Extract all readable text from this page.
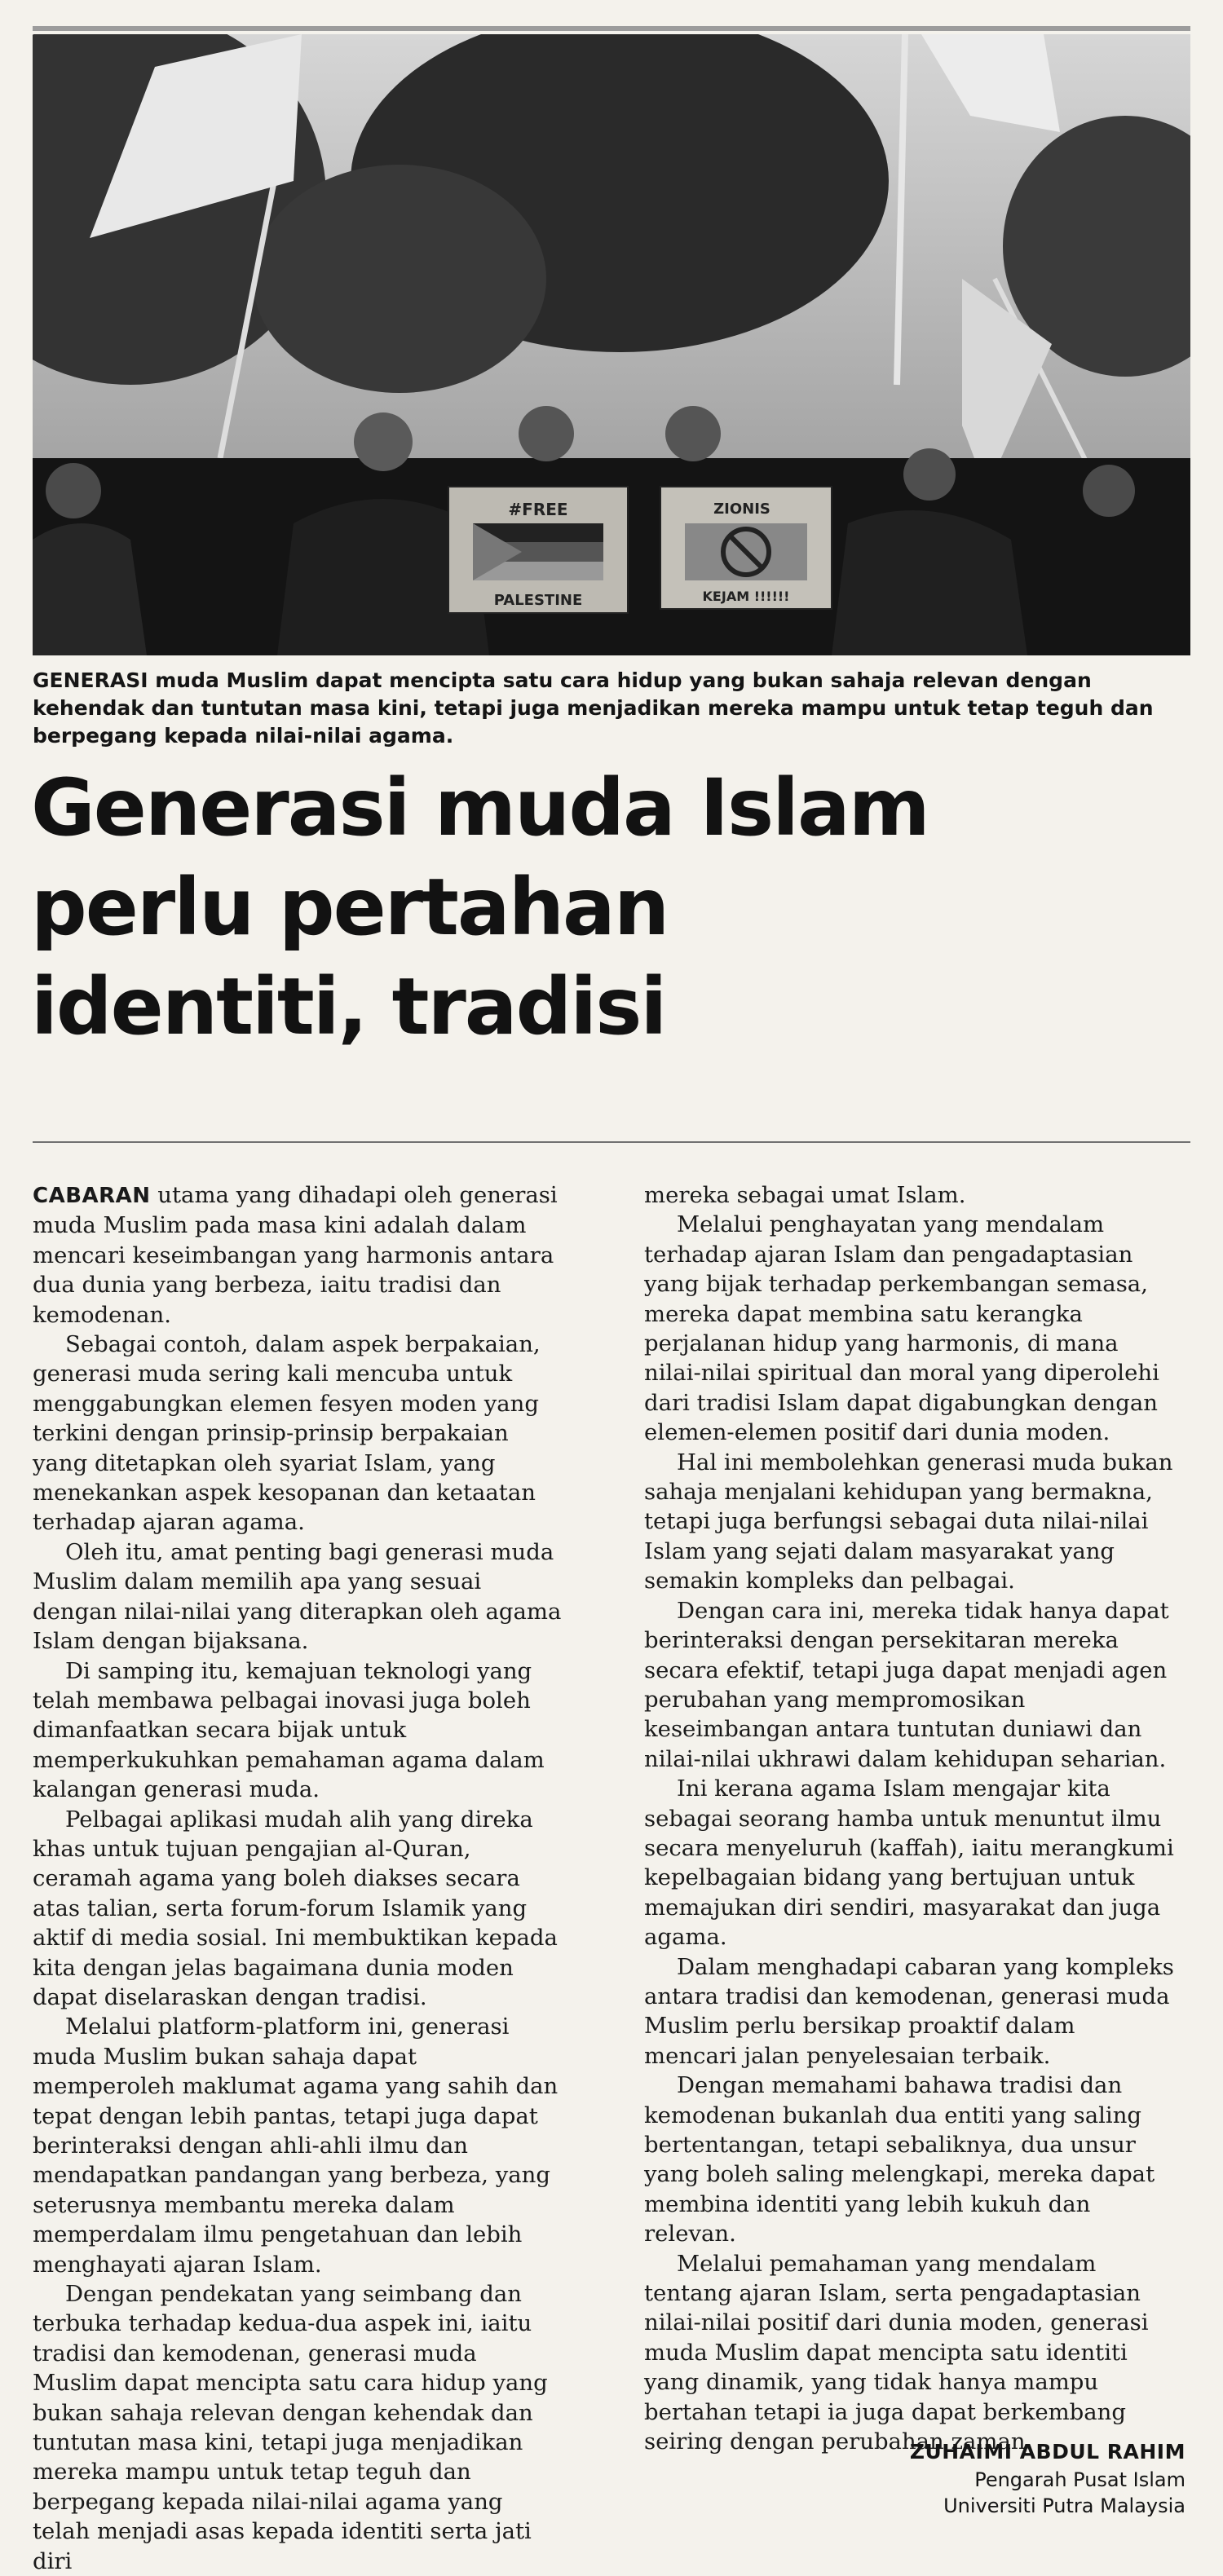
#FREE
PALESTINE
ZIONIS
KEJAM !!!!!!
GENERASI muda Muslim dapat mencipta satu cara hidup yang bukan sahaja relevan dengan kehendak dan tuntutan masa kini, tetapi juga menjadikan mereka mampu untuk tetap teguh dan berpegang kepada nilai-nilai agama.
Generasi muda Islam
perlu pertahan
identiti, tradisi

CABARAN utama yang dihadapi oleh generasi muda Muslim pada masa kini adalah dalam mencari keseimbangan yang harmonis antara dua dunia yang berbeza, iaitu tradisi dan kemodenan.

Sebagai contoh, dalam aspek berpakaian, generasi muda sering kali mencuba untuk menggabungkan elemen fesyen moden yang terkini dengan prinsip-prinsip berpakaian yang ditetapkan oleh syariat Islam, yang menekankan aspek kesopanan dan ketaatan terhadap ajaran agama.

Oleh itu, amat penting bagi generasi muda Muslim dalam memilih apa yang sesuai dengan nilai-nilai yang diterapkan oleh agama Islam dengan bijaksana.

Di samping itu, kemajuan teknologi yang telah membawa pelbagai inovasi juga boleh dimanfaatkan secara bijak untuk memperkukuhkan pemahaman agama dalam kalangan generasi muda.

Pelbagai aplikasi mudah alih yang direka khas untuk tujuan pengajian al-Quran, ceramah agama yang boleh diakses secara atas talian, serta forum-forum Islamik yang aktif di media sosial. Ini membuktikan kepada kita dengan jelas bagaimana dunia moden dapat diselaraskan dengan tradisi.

Melalui platform-platform ini, generasi muda Muslim bukan sahaja dapat memperoleh maklumat agama yang sahih dan tepat dengan lebih pantas, tetapi juga dapat berinteraksi dengan ahli-ahli ilmu dan mendapatkan pandangan yang berbeza, yang seterusnya membantu mereka dalam memperdalam ilmu pengetahuan dan lebih menghayati ajaran Islam.

Dengan pendekatan yang seimbang dan terbuka terhadap kedua-dua aspek ini, iaitu tradisi dan kemodenan, generasi muda Muslim dapat mencipta satu cara hidup yang bukan sahaja relevan dengan kehendak dan tuntutan masa kini, tetapi juga menjadikan mereka mampu untuk tetap teguh dan berpegang kepada nilai-nilai agama yang telah menjadi asas kepada identiti serta jati diri

mereka sebagai umat Islam.

Melalui penghayatan yang mendalam terhadap ajaran Islam dan pengadaptasian yang bijak terhadap perkembangan semasa, mereka dapat membina satu kerangka perjalanan hidup yang harmonis, di mana nilai-nilai spiritual dan moral yang diperolehi dari tradisi Islam dapat digabungkan dengan elemen-elemen positif dari dunia moden.

Hal ini membolehkan generasi muda bukan sahaja menjalani kehidupan yang bermakna, tetapi juga berfungsi sebagai duta nilai-nilai Islam yang sejati dalam masyarakat yang semakin kompleks dan pelbagai.

Dengan cara ini, mereka tidak hanya dapat berinteraksi dengan persekitaran mereka secara efektif, tetapi juga dapat menjadi agen perubahan yang mempromosikan keseimbangan antara tuntutan duniawi dan nilai-nilai ukhrawi dalam kehidupan seharian.

Ini kerana agama Islam mengajar kita sebagai seorang hamba untuk menuntut ilmu secara menyeluruh (kaffah), iaitu merangkumi kepelbagaian bidang yang bertujuan untuk memajukan diri sendiri, masyarakat dan juga agama.

Dalam menghadapi cabaran yang kompleks antara tradisi dan kemodenan, generasi muda Muslim perlu bersikap proaktif dalam mencari jalan penyelesaian terbaik.

Dengan memahami bahawa tradisi dan kemodenan bukanlah dua entiti yang saling bertentangan, tetapi sebaliknya, dua unsur yang boleh saling melengkapi, mereka dapat membina identiti yang lebih kukuh dan relevan.

Melalui pemahaman yang mendalam tentang ajaran Islam, serta pengadaptasian nilai-nilai positif dari dunia moden, generasi muda Muslim dapat mencipta satu identiti yang dinamik, yang tidak hanya mampu bertahan tetapi ia juga dapat berkembang seiring dengan perubahan zaman.

ZUHAIMI ABDUL RAHIM
Pengarah Pusat Islam
Universiti Putra Malaysia
